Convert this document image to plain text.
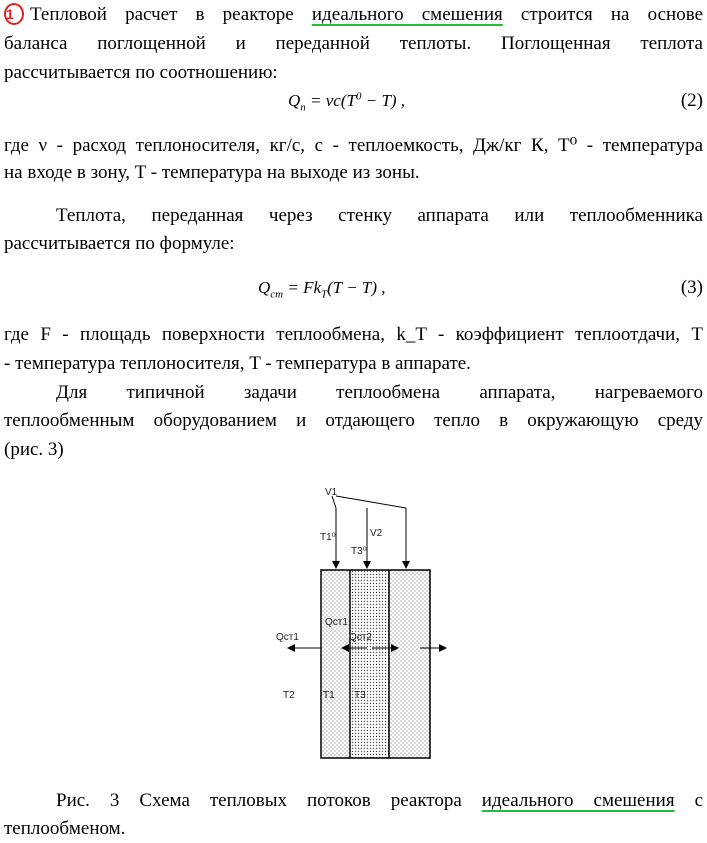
1 Тепловой расчет в реакторе идеального смешения строится на основе
баланса поглощенной и переданной теплоты. Поглощенная теплота
рассчитывается по соотношению:
$Q_п = \nu c(T^0 - T)$ ,	(2)
где ν - расход теплоносителя, кг/с, c - теплоемкость, Дж/кг К, T⁰ - температура
на входе в зону, T - температура на выходе из зоны.
Теплота, переданная через стенку аппарата или теплообменника
рассчитывается по формуле:
$Q_{ст} = Fk_T(T - T)$ ,	(3)
где F - площадь поверхности теплообмена, k_T - коэффициент теплоотдачи, T
- температура теплоносителя, T - температура в аппарате.
Для типичной задачи теплообмена аппарата, нагреваемого
теплообменным оборудованием и отдающего тепло в окружающую среду
(рис. 3)
V1
V2
T1⁰
T3⁰
Qст1
Qст1
Qст2
T2	T1 T3
Рис. 3 Схема тепловых потоков реактора идеального смешения с
теплообменом.
